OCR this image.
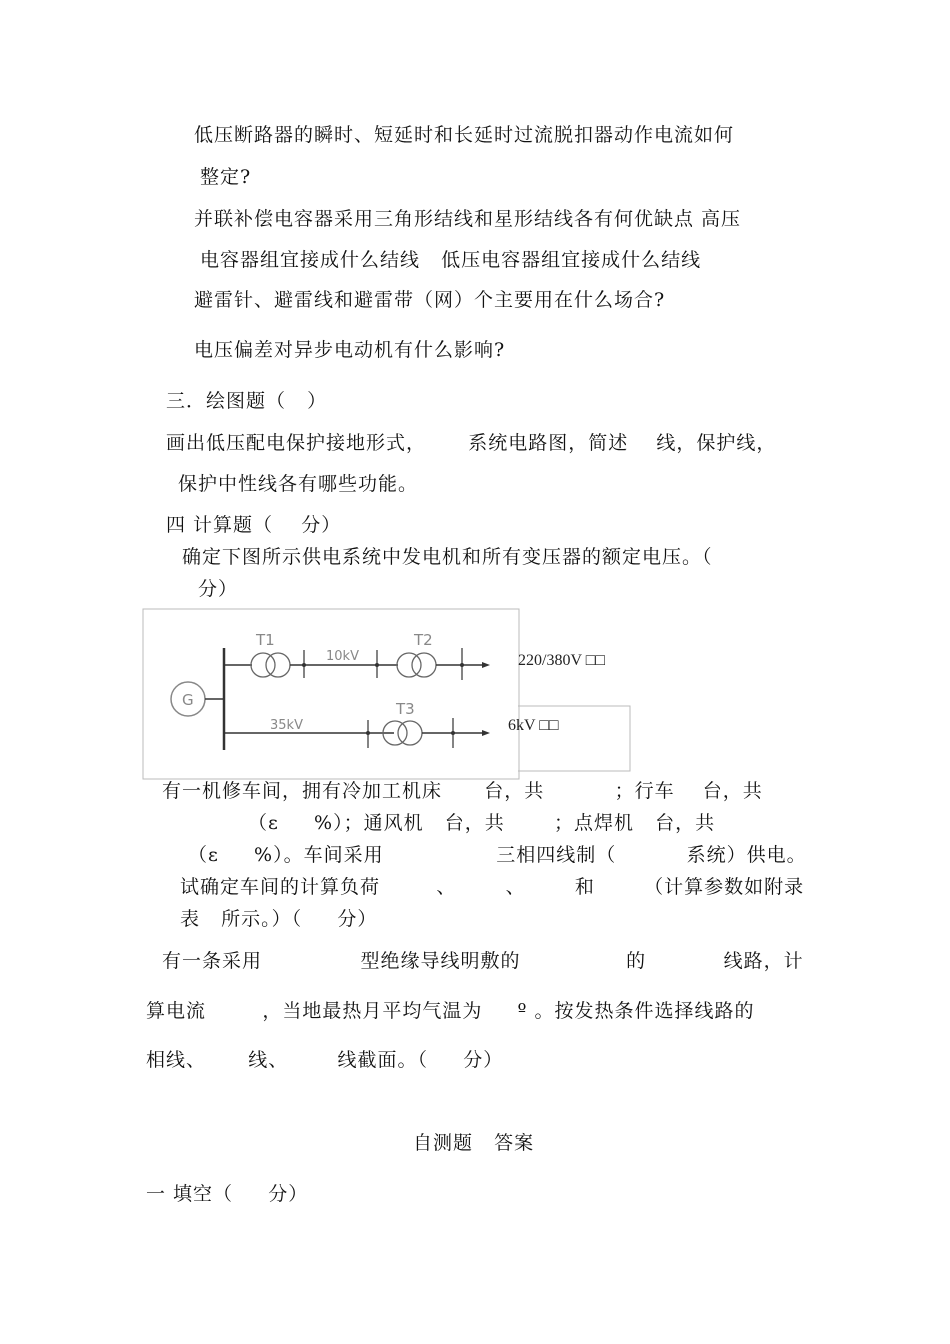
低压断路器的瞬时、短延时和长延时过流脱扣器动作电流如何
整定?
并联补偿电容器采用三角形结线和星形结线各有何优缺点 高压
电容器组宜接成什么结线   低压电容器组宜接成什么结线
避雷针、避雷线和避雷带（网）个主要用在什么场合?
电压偏差对异步电动机有什么影响?
三．绘图题（   ）
画出低压配电保护接地形式，      系统电路图，简述    线，保护线，
保护中性线各有哪些功能。
四 计算题（    分）
确定下图所示供电系统中发电机和所有变压器的额定电压。（
分）
G
T1	T2
10kV	220/380V □□
T3
35kV	6kV □□
有一机修车间，拥有冷加工机床      台，共          ；行车    台，共
（ε     %）；通风机   台，共       ；点焊机   台，共
（ε     %）。车间采用                三相四线制（          系统）供电。
试确定车间的计算负荷        、       、       和       （计算参数如附录
表   所示。）（     分）
有一条采用              型绝缘导线明敷的               的           线路，计
算电流        ，当地最热月平均气温为     º 。按发热条件选择线路的
相线、      线、       线截面。（     分）
自测题   答案
一 填空（     分）
